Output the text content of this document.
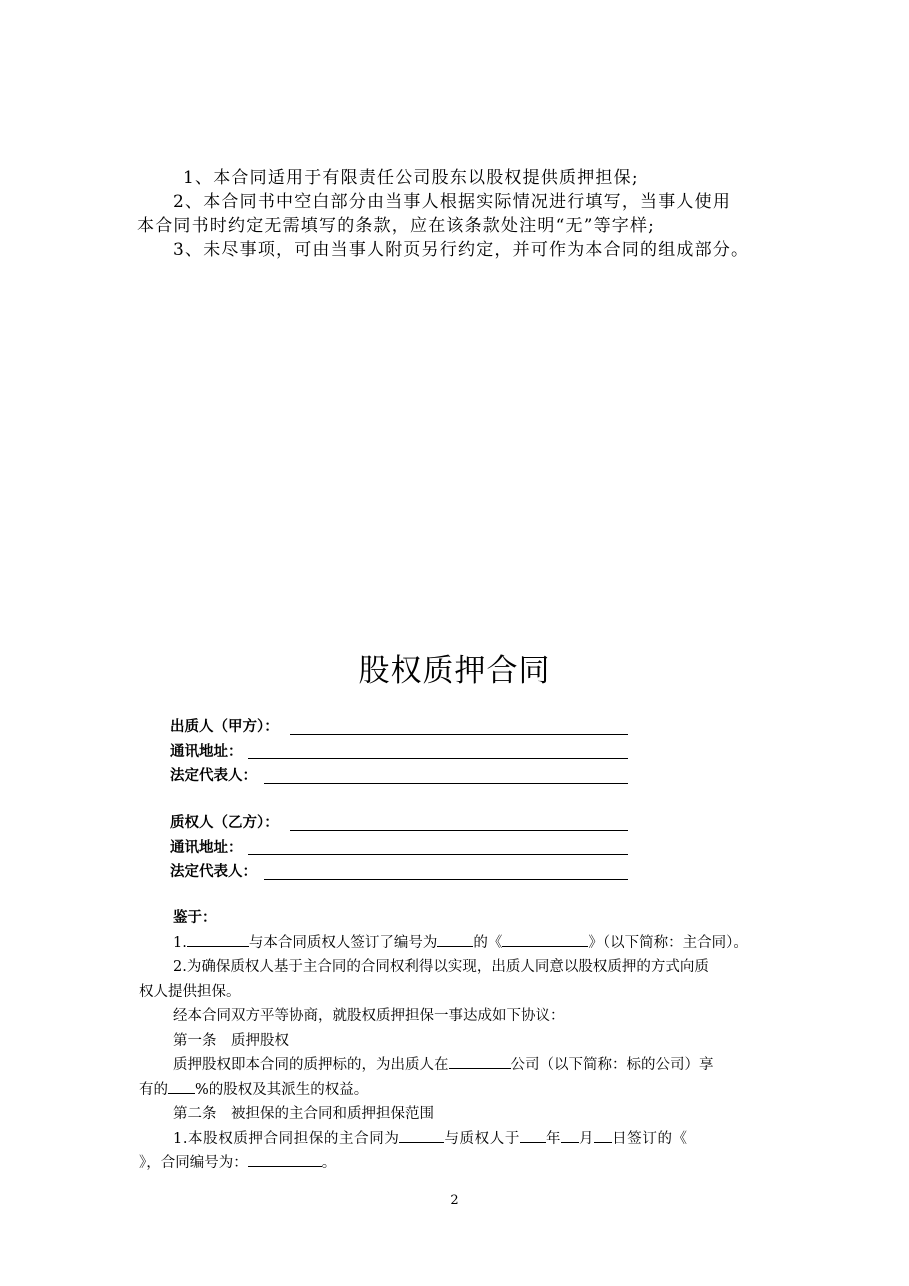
1、本合同适用于有限责任公司股东以股权提供质押担保;

2、本合同书中空白部分由当事人根据实际情况进行填写，当事人使用

本合同书时约定无需填写的条款，应在该条款处注明“无”等字样;

3、未尽事项，可由当事人附页另行约定，并可作为本合同的组成部分。

股权质押合同
出质人（甲方）：
通讯地址：
法定代表人：
质权人（乙方）：
通讯地址：
法定代表人：

鉴于：

1.	与本合同质权人签订了编号为 的《	》（以下简称：主合同）。

2.为确保质权人基于主合同的合同权利得以实现，出质人同意以股权质押的方式向质

权人提供担保。

经本合同双方平等协商，就股权质押担保一事达成如下协议：

第一条　质押股权

质押股权即本合同的质押标的，为出质人在	公司（以下简称：标的公司）享

有的 %的股权及其派生的权益。

第二条　被担保的主合同和质押担保范围

1.本股权质押合同担保的主合同为	与质权人于 年 月 日签订的《

》，合同编号为：	。

2
